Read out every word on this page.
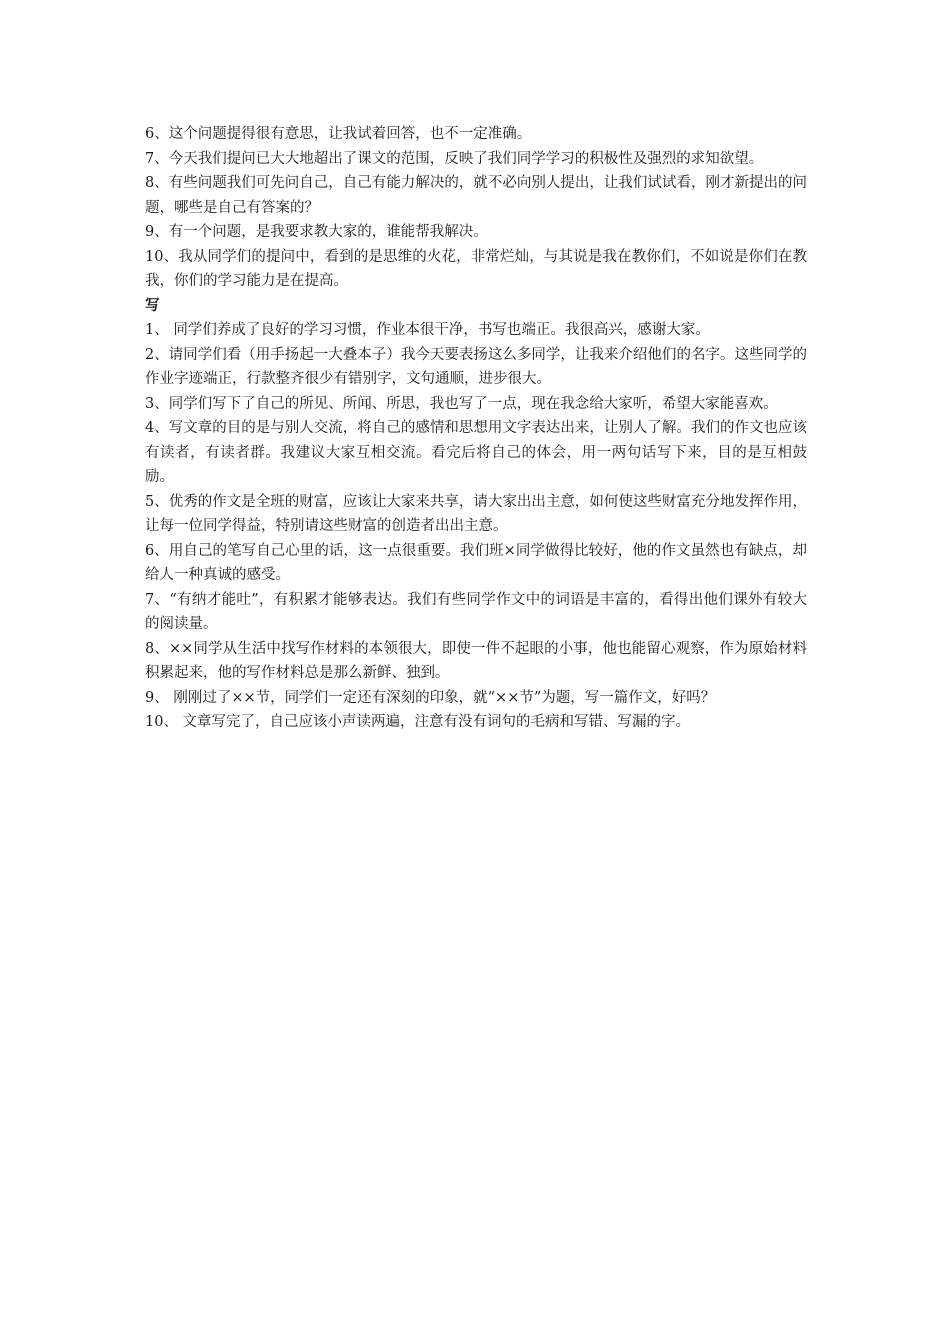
6、这个问题提得很有意思，让我试着回答，也不一定准确。

7、今天我们提问已大大地超出了课文的范围，反映了我们同学学习的积极性及强烈的求知欲望。

8、有些问题我们可先问自己，自己有能力解决的，就不必向别人提出，让我们试试看，刚才新提出的问题，哪些是自己有答案的？

9、有一个问题，是我要求教大家的，谁能帮我解决。

10、我从同学们的提问中，看到的是思维的火花，非常烂灿，与其说是我在教你们，不如说是你们在教我，你们的学习能力是在提高。

写

1、 同学们养成了良好的学习习惯，作业本很干净，书写也端正。我很高兴，感谢大家。

2、请同学们看（用手扬起一大叠本子）我今天要表扬这么多同学，让我来介绍他们的名字。这些同学的作业字迹端正，行款整齐很少有错别字，文句通顺，进步很大。

3、同学们写下了自己的所见、所闻、所思，我也写了一点，现在我念给大家听，希望大家能喜欢。

4、写文章的目的是与别人交流，将自己的感情和思想用文字表达出来，让别人了解。我们的作文也应该有读者，有读者群。我建议大家互相交流。看完后将自己的体会，用一两句话写下来，目的是互相鼓励。

5、优秀的作文是全班的财富，应该让大家来共享，请大家出出主意，如何使这些财富充分地发挥作用，让每一位同学得益，特别请这些财富的创造者出出主意。

6、用自己的笔写自己心里的话，这一点很重要。我们班×同学做得比较好，他的作文虽然也有缺点，却给人一种真诚的感受。

7、“有纳才能吐”，有积累才能够表达。我们有些同学作文中的词语是丰富的，看得出他们课外有较大的阅读量。

8、××同学从生活中找写作材料的本领很大，即使一件不起眼的小事，他也能留心观察，作为原始材料积累起来，他的写作材料总是那么新鲜、独到。

9、 刚刚过了××节，同学们一定还有深刻的印象，就“××节”为题，写一篇作文，好吗？

10、 文章写完了，自己应该小声读两遍，注意有没有词句的毛病和写错、写漏的字。
